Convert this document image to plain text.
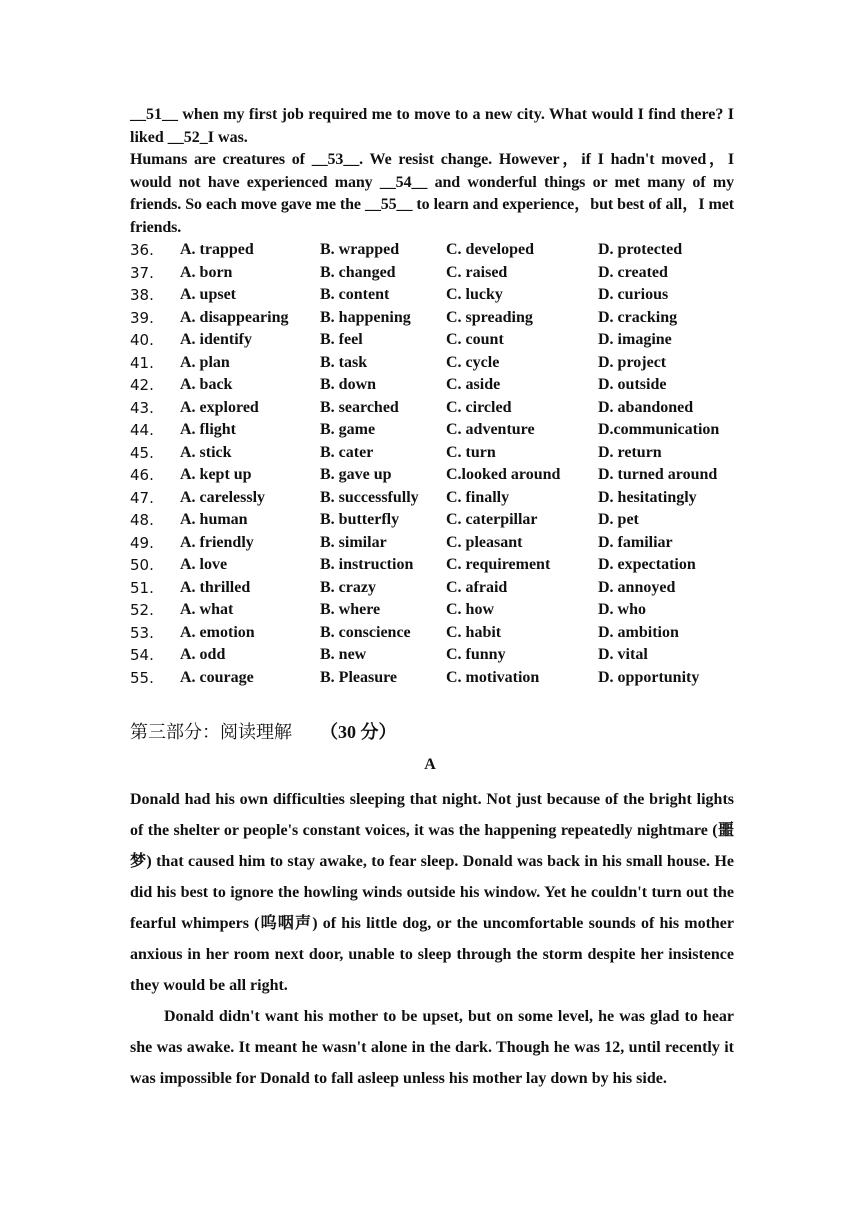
__51__ when my first job required me to move to a new city. What would I find there? I liked __52_I was.

Humans are creatures of __53__. We resist change. However，if I hadn't moved，I would not have experienced many __54__ and wonderful things or met many of my friends. So each move gave me the __55__ to learn and experience，but best of all，I met friends.

36. A. trapped	B. wrapped	C. developed	D. protected
37. A. born	B. changed	C. raised	D. created
38. A. upset	B. content	C. lucky	D. curious
39. A. disappearing B. happening C. spreading	D. cracking
40. A. identify	B. feel	C. count	D. imagine
41. A. plan	B. task	C. cycle	D. project
42. A. back	B. down	C. aside	D. outside
43. A. explored	B. searched	C. circled	D. abandoned
44. A. flight	B. game	C. adventure	D.communication
45. A. stick	B. cater	C. turn	D. return
46. A. kept up	B. gave up	C.looked around D. turned around
47. A. carelessly	B. successfully C. finally	D. hesitatingly
48. A. human	B. butterfly	C. caterpillar	D. pet
49. A. friendly	B. similar	C. pleasant	D. familiar
50. A. love	B. instruction C. requirement	D. expectation
51. A. thrilled	B. crazy	C. afraid	D. annoyed
52. A. what	B. where	C. how	D. who
53. A. emotion	B. conscience C. habit	D. ambition
54. A. odd	B. new	C. funny	D. vital
55. A. courage	B. Pleasure	C. motivation	D. opportunity
第三部分：阅读理解 （30 分）
A

Donald had his own difficulties sleeping that night. Not just because of the bright lights of the shelter or people's constant voices, it was the happening repeatedly nightmare (噩梦) that caused him to stay awake, to fear sleep. Donald was back in his small house. He did his best to ignore the howling winds outside his window. Yet he couldn't turn out the fearful whimpers (呜咽声) of his little dog, or the uncomfortable sounds of his mother anxious in her room next door, unable to sleep through the storm despite her insistence they would be all right.

Donald didn't want his mother to be upset, but on some level, he was glad to hear she was awake. It meant he wasn't alone in the dark. Though he was 12, until recently it was impossible for Donald to fall asleep unless his mother lay down by his side.
